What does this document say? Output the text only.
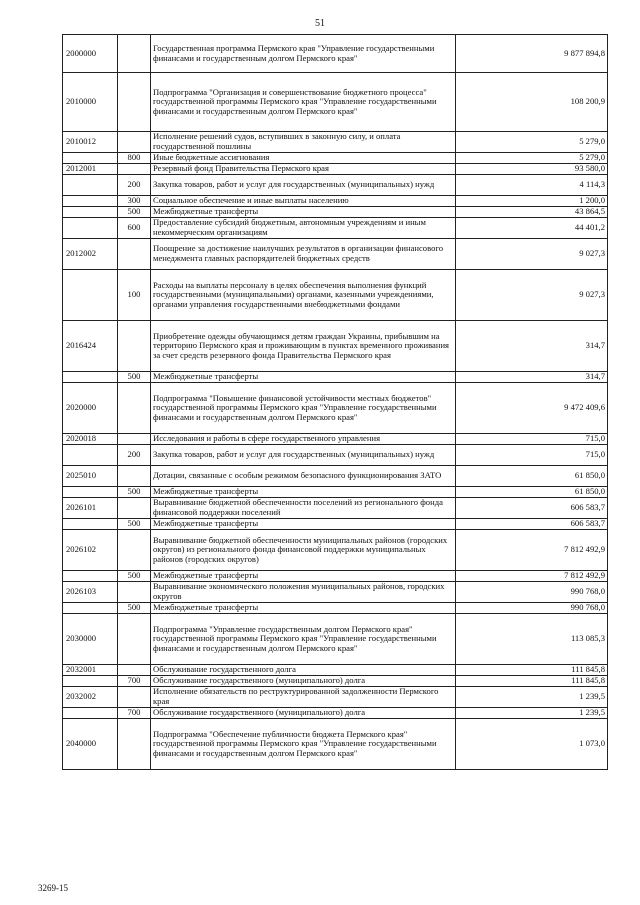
51
2000000		Государственная программа Пермского края "Управление государственными финансами и государственным долгом Пермского края"	9 877 894,8
2010000		Подпрограмма "Организация и совершенствование бюджетного процесса" государственной программы Пермского края "Управление государственными финансами и государственным долгом Пермского края"	108 200,9
2010012		Исполнение решений судов, вступивших в законную силу, и оплата государственной пошлины	5 279,0
	800	Иные бюджетные ассигнования	5 279,0
2012001		Резервный фонд Правительства Пермского края	93 580,0
	200	Закупка товаров, работ и услуг для государственных (муниципальных) нужд	4 114,3
	300	Социальное обеспечение и иные выплаты населению	1 200,0
	500	Межбюджетные трансферты	43 864,5
	600	Предоставление субсидий бюджетным, автономным учреждениям и иным некоммерческим организациям	44 401,2
2012002		Поощрение за достижение наилучших результатов в организации финансового менеджмента главных распорядителей бюджетных средств	9 027,3
	100	Расходы на выплаты персоналу в целях обеспечения выполнения функций государственными (муниципальными) органами, казенными учреждениями, органами управления государственными внебюджетными фондами	9 027,3
2016424		Приобретение одежды обучающимся детям граждан Украины, прибывшим на территорию Пермского края и проживающим в пунктах временного проживания за счет средств резервного фонда Правительства Пермского края	314,7
	500	Межбюджетные трансферты	314,7
2020000		Подпрограмма "Повышение финансовой устойчивости местных бюджетов" государственной программы Пермского края "Управление государственными финансами и государственным долгом Пермского края"	9 472 409,6
2020018		Исследования и работы в сфере государственного управления	715,0
	200	Закупка товаров, работ и услуг для государственных (муниципальных) нужд	715,0
2025010		Дотации, связанные с особым режимом безопасного функционирования ЗАТО	61 850,0
	500	Межбюджетные трансферты	61 850,0
2026101		Выравнивание бюджетной обеспеченности поселений из регионального фонда финансовой поддержки поселений	606 583,7
	500	Межбюджетные трансферты	606 583,7
2026102		Выравнивание бюджетной обеспеченности муниципальных районов (городских округов) из регионального фонда финансовой поддержки муниципальных районов (городских округов)	7 812 492,9
	500	Межбюджетные трансферты	7 812 492,9
2026103		Выравнивание экономического положения муниципальных районов, городских округов	990 768,0
	500	Межбюджетные трансферты	990 768,0
2030000		Подпрограмма "Управление государственным долгом Пермского края" государственной программы Пермского края "Управление государственными финансами и государственным долгом Пермского края"	113 085,3
2032001		Обслуживание государственного долга	111 845,8
	700	Обслуживание государственного (муниципального) долга	111 845,8
2032002		Исполнение обязательств по реструктурированной задолженности Пермского края	1 239,5
	700	Обслуживание государственного (муниципального) долга	1 239,5
2040000		Подпрограмма "Обеспечение публичности бюджета Пермского края" государственной программы Пермского края "Управление государственными финансами и государственным долгом Пермского края"	1 073,0
3269-15
